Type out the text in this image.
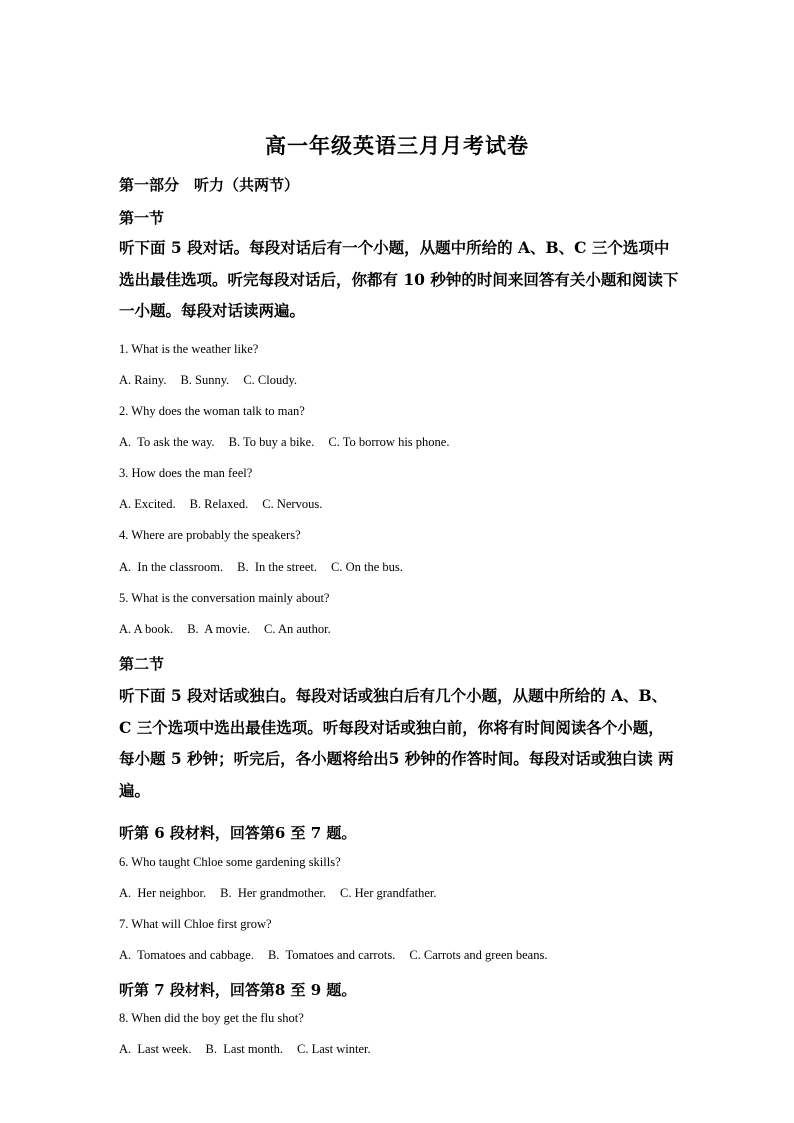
高一年级英语三月月考试卷
第一部分　听力（共两节）
第一节
听下面 5 段对话。每段对话后有一个小题，从题中所给的 A、B、C 三个选项中选出最佳选项。听完每段对话后，你都有 10 秒钟的时间来回答有关小题和阅读下一小题。每段对话读两遍。
1. What is the weather like?
A. Rainy. B. Sunny. C. Cloudy.
2. Why does the woman talk to man?
A.  To ask the way. B. To buy a bike. C. To borrow his phone.
3. How does the man feel?
A. Excited. B. Relaxed. C. Nervous.
4. Where are probably the speakers?
A.  In the classroom. B.  In the street. C. On the bus.
5. What is the conversation mainly about?
A. A book. B.  A movie. C. An author.
第二节
听下面 5 段对话或独白。每段对话或独白后有几个小题，从题中所给的 A、B、C 三个选项中选出最佳选项。听每段对话或独白前，你将有时间阅读各个小题，每小题 5 秒钟；听完后，各小题将给出5 秒钟的作答时间。每段对话或独白读 两遍。
听第 6 段材料，回答第6 至 7 题。
6. Who taught Chloe some gardening skills?
A.  Her neighbor. B.  Her grandmother. C. Her grandfather.
7. What will Chloe first grow?
A.  Tomatoes and cabbage. B.  Tomatoes and carrots. C. Carrots and green beans.
听第 7 段材料，回答第8 至 9 题。
8. When did the boy get the flu shot?
A.  Last week. B.  Last month. C. Last winter.
